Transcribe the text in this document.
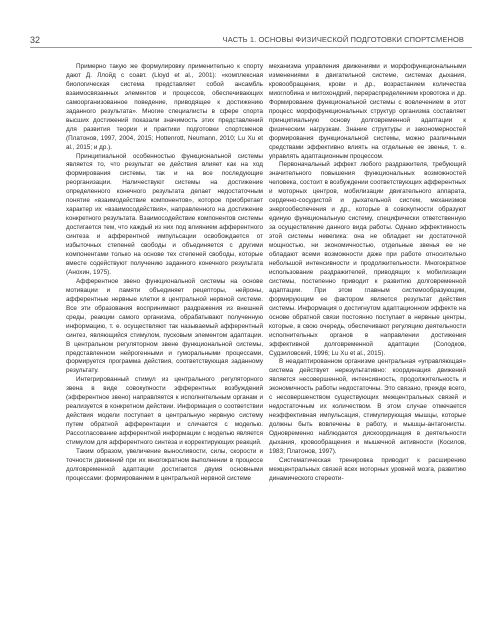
32	ЧАСТЬ 1. ОСНОВЫ ФИЗИЧЕСКОЙ ПОДГОТОВКИ СПОРТСМЕНОВ

Примерно такую же формулировку применительно к спорту дают Д. Ллойд с соавт. (Lloyd et al., 2001): «комплексная биологическая система представляет собой ансамбль взаимосвязанных элементов и процессов, обеспечивающих самоорганизованное поведение, приводящее к достижению заданного результата». Многие специалисты в сфере спорта высших достижений показали значимость этих представлений для развития теории и практики подготовки спортсменов (Платонов, 1997, 2004, 2015; Hottenrott, Neumann, 2010; Lu Xu et al., 2015; и др.).

Принципиальной особенностью функциональной системы является то, что результат ее действия влияет как на ход формирования системы, так и на все последующие реорганизации. Наличествуют системы на достижение определенного конечного результата делает недостаточным понятие «взаимодействие компонентов», которое приобретает характер их «взаимосодействия», направленного на достижение конкретного результата. Взаимосодействие компонентов системы достигается тем, что каждый из них под влиянием афферентного синтеза и афферентной импульсации освобождается от избыточных степеней свободы и объединяется с другими компонентами только на основе тех степеней свободы, которые вместе содействуют получению заданного конечного результата (Анохин, 1975).

Афферентное звено функциональной системы на основе мотивации и памяти объединяет рецепторы, нейроны, афферентные нервные клетки в центральной нервной системе. Все эти образования воспринимают раздражения из внешней среды, реакции самого организма, обрабатывают полученную информацию, т. е. осуществляют так называемый афферентный синтез, являющийся стимулом, пусковым элементом адаптации. В центральном регуляторном звене функциональной системы, представленном нейрогенными и гуморальными процессами, формируется программа действия, соответствующая заданному результату.

Интегрированный стимул из центрального регуляторного звена в виде совокупности эфферентных возбуждений (эфферентное звено) направляется к исполнительным органам и реализуется в конкретном действии. Информация о соответствии действия модели поступает в центральную нервную систему путем обратной афферентации и сличается с моделью. Рассогласование афферентной информации с моделью является стимулом для афферентного синтеза и корректирующих реакций.

Таким образом, увеличение выносливости, силы, скорости и точности движений при их многократном выполнении в процессе долговременной адаптации достигается двумя основными процессами: формированием в центральной нервной системе

механизма управления движениями и морфофункциональными изменениями в двигательной системе, системах дыхания, кровообращения, крови и др., возрастанием количества миоглобина и митохондрий, перераспределением кровотока и др. Формирование функциональной системы с вовлечением в этот процесс морфофункциональных структур организма составляет принципиальную основу долговременной адаптации к физическим нагрузкам. Знание структуры и закономерностей формирования функциональной системы, можно различными средствами эффективно влиять на отдельные ее звенья, т. е. управлять адаптационным процессом.

Первоначальный эффект любого раздражителя, требующий значительного повышения функциональных возможностей человека, состоит в возбуждении соответствующих афферентных и моторных центров, мобилизации двигательного аппарата, сердечно-сосудистой и дыхательной систем, механизмов энергообеспечения и др., которые в совокупности образуют единую функциональную систему, специфически ответственную за осуществление данного вида работы. Однако эффективность этой системы невелика: она не обладает ни достаточной мощностью, ни экономичностью, отдельные звенья ее не обладают всеми возможности даже при работе относительно небольшой интенсивности и продолжительности. Многократное использование раздражителей, приводящих к мобилизации системы, постепенно приводит к развитию долговременной адаптации. При этом главным системообразующим, формирующим ее фактором является результат действия системы. Информация о достигнутом адаптационном эффекте на основе обратной связи постоянно поступает в нервные центры, которые, в свою очередь, обеспечивают регуляцию деятельности исполнительных органов в направлении достижения эффективной долговременной адаптации (Солодков, Судзиловский, 1996; Lu Xu et al., 2015).

В неадаптированном организме центральная «управляющая» система действует нерезультативно: координация движений является несовершенной, интенсивность, продолжительность и экономичность работы недостаточны. Это связано, прежде всего, с несовершенством существующих межцентральных связей и недостаточным их количеством. В этом случае отмечается неэффективная импульсация, стимулирующая мышцы, которые должны быть вовлечены в работу, и мышцы-антагонисты. Одновременно наблюдается дискоординация в деятельности дыхания, кровообращения и мышечной активности (Косилов, 1983; Платонов, 1997).

Систематическая тренировка приводит к расширению межцентральных связей всех моторных уровней мозга, развитию динамического стереоти-
